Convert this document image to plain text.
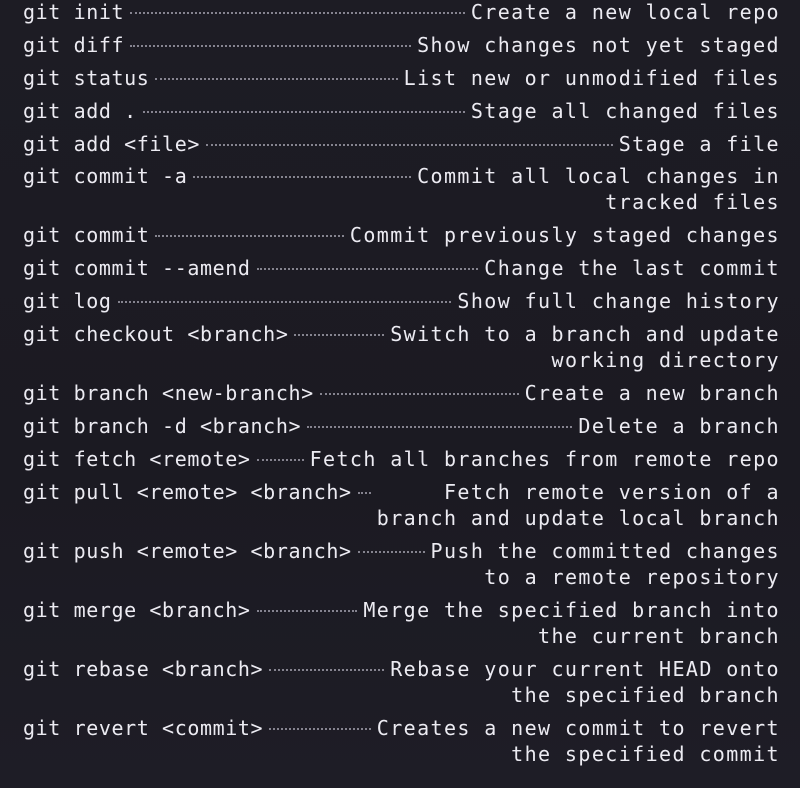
git init	Create a new local repo
git diff	Show changes not yet staged
git status	List new or unmodified files
git add .	Stage all changed files
git add <file>	Stage a file
git commit -a	Commit all local changes in
tracked files
git commit	Commit previously staged changes
git commit --amend	Change the last commit
git log	Show full change history
git checkout <branch>	Switch to a branch and update
working directory
git branch <new-branch>	Create a new branch
git branch -d <branch>	Delete a branch
git fetch <remote>	Fetch all branches from remote repo
git pull <remote> <branch>	Fetch remote version of a
branch and update local branch
git push <remote> <branch>	Push the committed changes
to a remote repository
git merge <branch>	Merge the specified branch into
the current branch
git rebase <branch>	Rebase your current HEAD onto
the specified branch
git revert <commit>	Creates a new commit to revert
the specified commit
